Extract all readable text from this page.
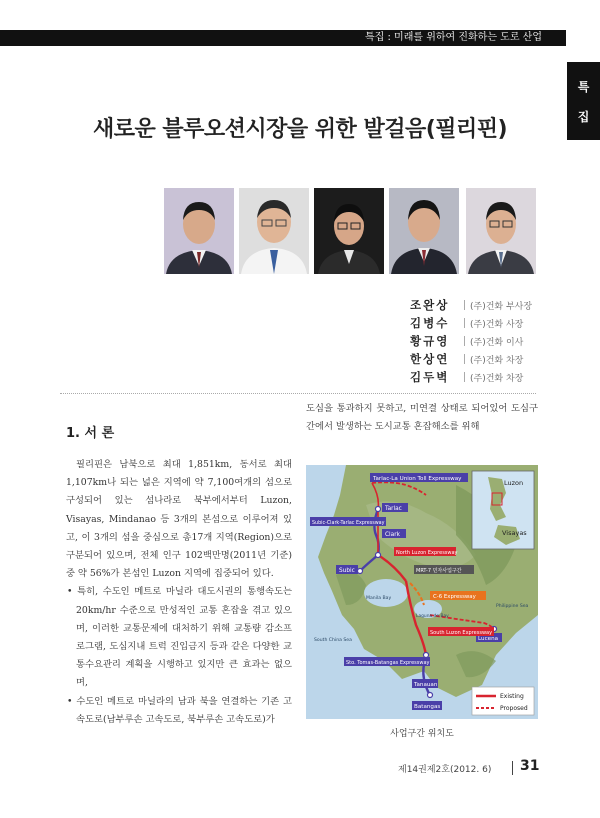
특집 : 미래를 위하여 진화하는 도로 산업
특
집
새로운 블루오션시장을 위한 발걸음(필리핀)
조완상 (주)건화 부사장
김병수 (주)건화 사장
황규영 (주)건화 이사
한상연 (주)건화 차장
김두벽 (주)건화 차장
1. 서 론

필리핀은 남북으로 최대 1,851km, 동서로 최대 1,107km나 되는 넓은 지역에 약 7,100여개의 섬으로 구성되어 있는 섬나라로 북부에서부터 Luzon, Visayas, Mindanao 등 3개의 본섬으로 이루어져 있고, 이 3개의 섬을 중심으로 총17개 지역(Region)으로 구분되어 있으며, 전체 인구 102백만명(2011년 기준)중 약 56%가 본섬인 Luzon 지역에 집중되어 있다.

• 특히, 수도인 메트로 마닐라 대도시권의 통행속도는 20km/hr 수준으로 만성적인 교통 혼잡을 겪고 있으며, 이러한 교통문제에 대처하기 위해 교통량 감소프로그램, 도심지내 트럭 진입금지 등과 같은 다양한 교통수요관리 계획을 시행하고 있지만 큰 효과는 없으며,
• 수도인 메트로 마닐라의 남과 북을 연결하는 기존 고속도로(남부루손 고속도로, 북부루손 고속도로)가
도심을 통과하지 못하고, 미연결 상태로 되어있어 도심구간에서 발생하는 도시교통 혼잡해소를 위해
Luzon
Visayas
Tarlac-La Union Toll Expressway
Tarlac
Subic-Clark-Tarlac Expressway
Clark
Subic
Tanauan
Lucena
Sto. Tomas-Batangas Expressway
Batangas
North Luzon Expressway
MRT-7 민자사업구간
C-6 Expressway
South Luzon Expressway
Manila Bay
Laguna de Bay
Philippine Sea
South China Sea
Existing
Proposed
사업구간 위치도
제14권제2호(2012. 6) 31
